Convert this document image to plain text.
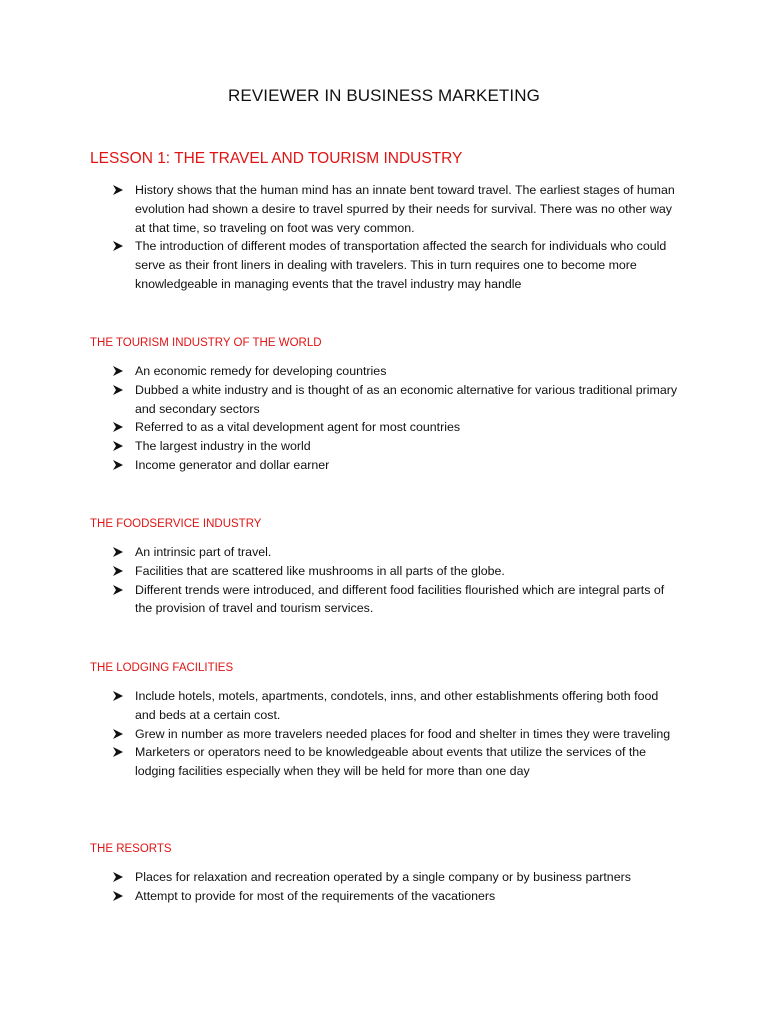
REVIEWER IN BUSINESS MARKETING
LESSON 1: THE TRAVEL AND TOURISM INDUSTRY
History shows that the human mind has an innate bent toward travel. The earliest stages of human evolution had shown a desire to travel spurred by their needs for survival. There was no other way at that time, so traveling on foot was very common.
The introduction of different modes of transportation affected the search for individuals who could serve as their front liners in dealing with travelers. This in turn requires one to become more knowledgeable in managing events that the travel industry may handle
THE TOURISM INDUSTRY OF THE WORLD
An economic remedy for developing countries
Dubbed a white industry and is thought of as an economic alternative for various traditional primary and secondary sectors
Referred to as a vital development agent for most countries
The largest industry in the world
Income generator and dollar earner
THE FOODSERVICE INDUSTRY
An intrinsic part of travel.
Facilities that are scattered like mushrooms in all parts of the globe.
Different trends were introduced, and different food facilities flourished which are integral parts of the provision of travel and tourism services.
THE LODGING FACILITIES
Include hotels, motels, apartments, condotels, inns, and other establishments offering both food and beds at a certain cost.
Grew in number as more travelers needed places for food and shelter in times they were traveling
Marketers or operators need to be knowledgeable about events that utilize the services of the lodging facilities especially when they will be held for more than one day
THE RESORTS
Places for relaxation and recreation operated by a single company or by business partners
Attempt to provide for most of the requirements of the vacationers
